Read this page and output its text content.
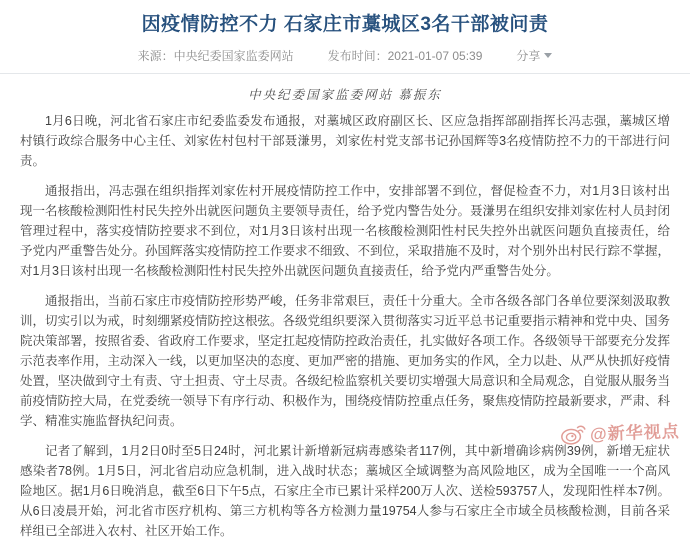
因疫情防控不力 石家庄市藁城区3名干部被问责
来源：中央纪委国家监委网站	发布时间：2021-01-07 05:39	分享
中央纪委国家监委网站 慕振东

1月6日晚，河北省石家庄市纪委监委发布通报，对藁城区政府副区长、区应急指挥部副指挥长冯志强，藁城区增村镇行政综合服务中心主任、刘家佐村包村干部聂溓男，刘家佐村党支部书记孙国辉等3名疫情防控不力的干部进行问责。

通报指出，冯志强在组织指挥刘家佐村开展疫情防控工作中，安排部署不到位，督促检查不力，对1月3日该村出现一名核酸检测阳性村民失控外出就医问题负主要领导责任，给予党内警告处分。聂溓男在组织安排刘家佐村人员封闭管理过程中，落实疫情防控要求不到位，对1月3日该村出现一名核酸检测阳性村民失控外出就医问题负直接责任，给予党内严重警告处分。孙国辉落实疫情防控工作要求不细致、不到位，采取措施不及时，对个别外出村民行踪不掌握，对1月3日该村出现一名核酸检测阳性村民失控外出就医问题负直接责任，给予党内严重警告处分。

通报指出，当前石家庄市疫情防控形势严峻，任务非常艰巨，责任十分重大。全市各级各部门各单位要深刻汲取教训，切实引以为戒，时刻绷紧疫情防控这根弦。各级党组织要深入贯彻落实习近平总书记重要指示精神和党中央、国务院决策部署，按照省委、省政府工作要求，坚定扛起疫情防控政治责任，扎实做好各项工作。各级领导干部要充分发挥示范表率作用，主动深入一线，以更加坚决的态度、更加严密的措施、更加务实的作风，全力以赴、从严从快抓好疫情处置，坚决做到守土有责、守土担责、守土尽责。各级纪检监察机关要切实增强大局意识和全局观念，自觉服从服务当前疫情防控大局，在党委统一领导下有序行动、积极作为，围绕疫情防控重点任务，聚焦疫情防控最新要求，严肃、科学、精准实施监督执纪问责。

记者了解到，1月2日0时至5日24时，河北累计新增新冠病毒感染者117例，其中新增确诊病例39例，新增无症状感染者78例。1月5日，河北省启动应急机制，进入战时状态；藁城区全域调整为高风险地区，成为全国唯一一个高风险地区。据1月6日晚消息，截至6日下午5点，石家庄全市已累计采样200万人次、送检593757人，发现阳性样本7例。从6日凌晨开始，河北省市医疗机构、第三方机构等各方检测力量19754人参与石家庄全市域全员核酸检测，目前各采样组已全部进入农村、社区开始工作。

@新华视点
